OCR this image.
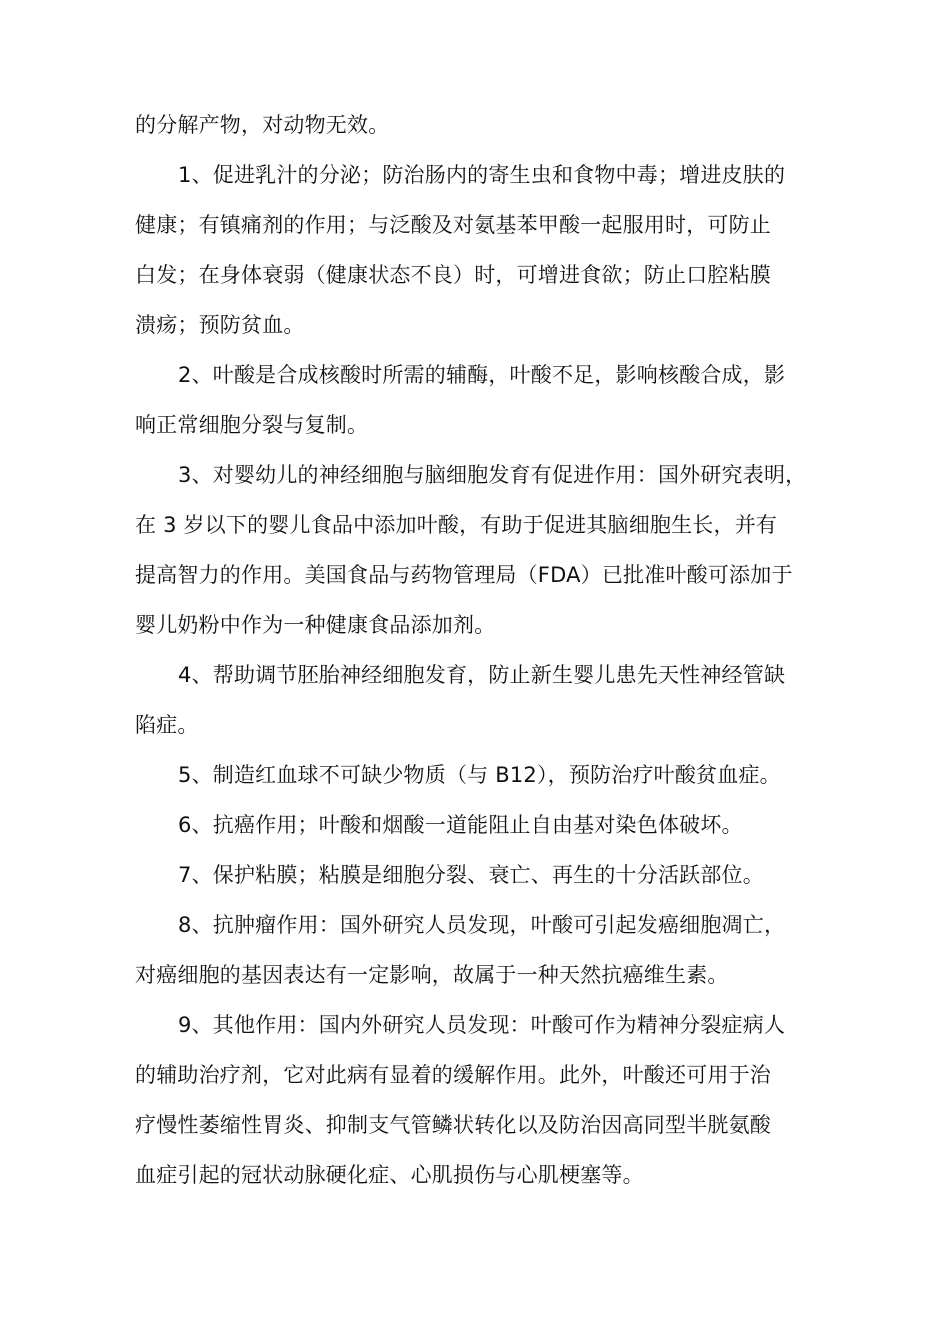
的分解产物，对动物无效。
1、促进乳汁的分泌；防治肠内的寄生虫和食物中毒；增进皮肤的
健康；有镇痛剂的作用；与泛酸及对氨基苯甲酸一起服用时，可防止
白发；在身体衰弱（健康状态不良）时，可增进食欲；防止口腔粘膜
溃疡；预防贫血。
2、叶酸是合成核酸时所需的辅酶，叶酸不足，影响核酸合成，影
响正常细胞分裂与复制。
3、对婴幼儿的神经细胞与脑细胞发育有促进作用：国外研究表明，
在 3 岁以下的婴儿食品中添加叶酸，有助于促进其脑细胞生长，并有
提高智力的作用。美国食品与药物管理局（FDA）已批准叶酸可添加于
婴儿奶粉中作为一种健康食品添加剂。
4、帮助调节胚胎神经细胞发育，防止新生婴儿患先天性神经管缺
陷症。
5、制造红血球不可缺少物质（与 B12），预防治疗叶酸贫血症。
6、抗癌作用；叶酸和烟酸一道能阻止自由基对染色体破坏。
7、保护粘膜；粘膜是细胞分裂、衰亡、再生的十分活跃部位。
8、抗肿瘤作用：国外研究人员发现，叶酸可引起发癌细胞凋亡，
对癌细胞的基因表达有一定影响，故属于一种天然抗癌维生素。
9、其他作用：国内外研究人员发现：叶酸可作为精神分裂症病人
的辅助治疗剂，它对此病有显着的缓解作用。此外，叶酸还可用于治
疗慢性萎缩性胃炎、抑制支气管鳞状转化以及防治因高同型半胱氨酸
血症引起的冠状动脉硬化症、心肌损伤与心肌梗塞等。
